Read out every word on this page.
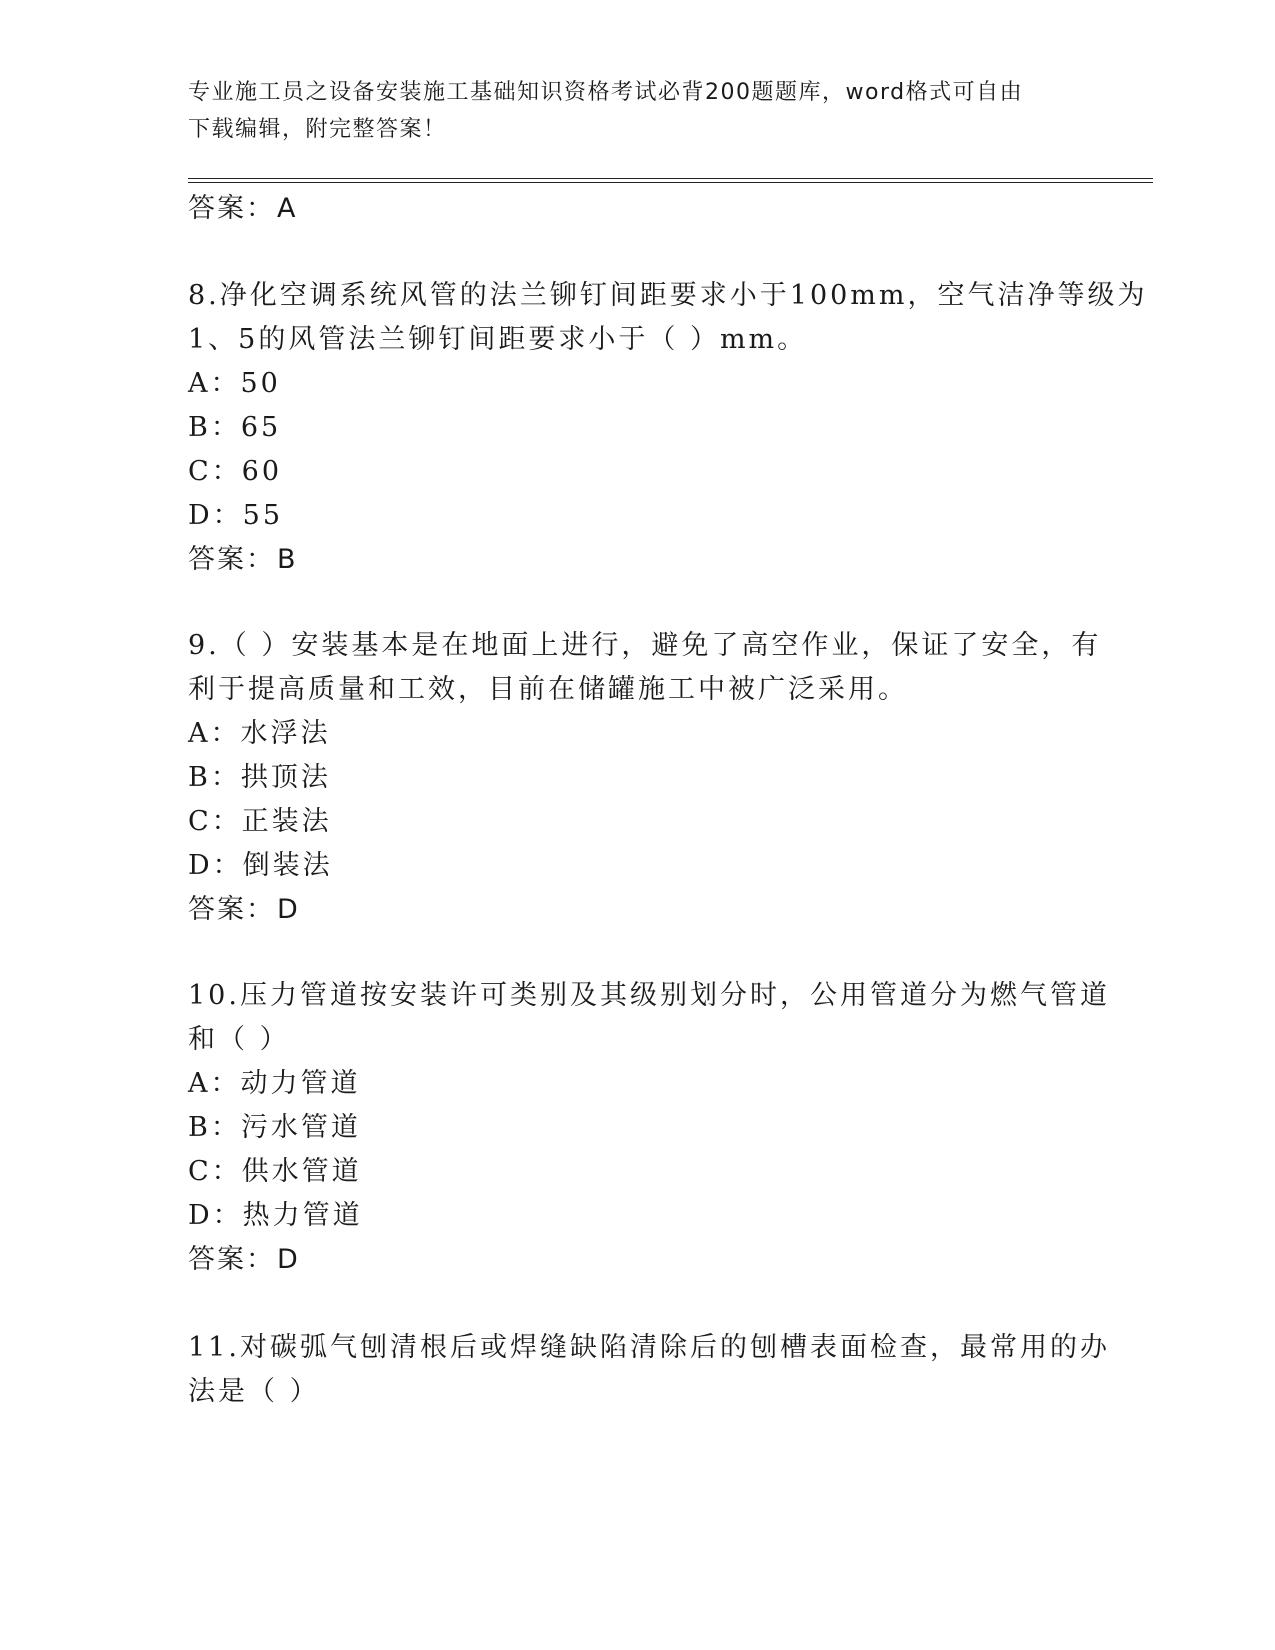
专业施工员之设备安装施工基础知识资格考试必背200题题库，word格式可自由
下载编辑，附完整答案！
答案：A
8.净化空调系统风管的法兰铆钉间距要求小于100mm，空气洁净等级为
1、5的风管法兰铆钉间距要求小于（ ）mm。
A：50
B：65
C：60
D：55
答案：B
9.（ ）安装基本是在地面上进行，避免了高空作业，保证了安全，有
利于提高质量和工效，目前在储罐施工中被广泛采用。
A：水浮法
B：拱顶法
C：正装法
D：倒装法
答案：D
10.压力管道按安装许可类别及其级别划分时，公用管道分为燃气管道
和（ ）
A：动力管道
B：污水管道
C：供水管道
D：热力管道
答案：D
11.对碳弧气刨清根后或焊缝缺陷清除后的刨槽表面检查，最常用的办
法是（ ）
